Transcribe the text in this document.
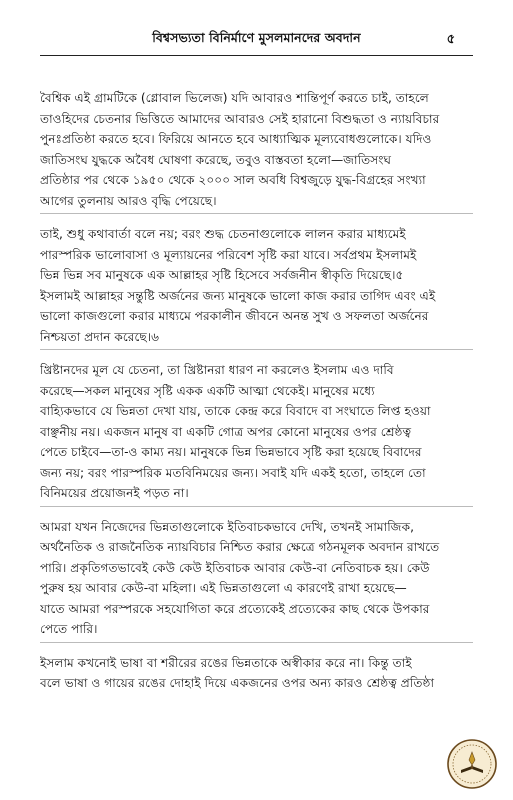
বিশ্বসভ্যতা বিনির্মাণে মুসলমানদের অবদান	৫

বৈশ্বিক এই গ্রামটিকে (গ্লোবাল ভিলেজ) যদি আবারও শান্তিপূর্ণ করতে চাই, তাহলে
তাওহিদের চেতনার ভিত্তিতে আমাদের আবারও সেই হারানো বিশুদ্ধতা ও ন্যায়বিচার
পুনঃপ্রতিষ্ঠা করতে হবে। ফিরিয়ে আনতে হবে আধ্যাত্মিক মূল্যবোধগুলোকে। যদিও
জাতিসংঘ যুদ্ধকে অবৈধ ঘোষণা করেছে, তবুও বাস্তবতা হলো—জাতিসংঘ
প্রতিষ্ঠার পর থেকে ১৯৫০ থেকে ২০০০ সাল অবধি বিশ্বজুড়ে যুদ্ধ-বিগ্রহের সংখ্যা
আগের তুলনায় আরও বৃদ্ধি পেয়েছে।

তাই, শুধু কথাবার্তা বলে নয়; বরং শুদ্ধ চেতনাগুলোকে লালন করার মাধ্যমেই
পারস্পরিক ভালোবাসা ও মূল্যায়নের পরিবেশ সৃষ্টি করা যাবে। সর্বপ্রথম ইসলামই
ভিন্ন ভিন্ন সব মানুষকে এক আল্লাহর সৃষ্টি হিসেবে সর্বজনীন স্বীকৃতি দিয়েছে।৫
ইসলামই আল্লাহর সন্তুষ্টি অর্জনের জন্য মানুষকে ভালো কাজ করার তাগিদ এবং এই
ভালো কাজগুলো করার মাধ্যমে পরকালীন জীবনে অনন্ত সুখ ও সফলতা অর্জনের
নিশ্চয়তা প্রদান করেছে।৬

খ্রিষ্টানদের মূল যে চেতনা, তা খ্রিষ্টানরা ধারণ না করলেও ইসলাম এও দাবি
করেছে—সকল মানুষের সৃষ্টি একক একটি আত্মা থেকেই। মানুষের মধ্যে
বাহ্যিকভাবে যে ভিন্নতা দেখা যায়, তাকে কেন্দ্র করে বিবাদে বা সংঘাতে লিপ্ত হওয়া
বাঞ্ছনীয় নয়। একজন মানুষ বা একটি গোত্র অপর কোনো মানুষের ওপর শ্রেষ্ঠত্ব
পেতে চাইবে—তা-ও কাম্য নয়। মানুষকে ভিন্ন ভিন্নভাবে সৃষ্টি করা হয়েছে বিবাদের
জন্য নয়; বরং পারস্পরিক মতবিনিময়ের জন্য। সবাই যদি একই হতো, তাহলে তো
বিনিময়ের প্রয়োজনই পড়ত না।

আমরা যখন নিজেদের ভিন্নতাগুলোকে ইতিবাচকভাবে দেখি, তখনই সামাজিক,
অর্থনৈতিক ও রাজনৈতিক ন্যায়বিচার নিশ্চিত করার ক্ষেত্রে গঠনমূলক অবদান রাখতে
পারি। প্রকৃতিগতভাবেই কেউ কেউ ইতিবাচক আবার কেউ-বা নেতিবাচক হয়। কেউ
পুরুষ হয় আবার কেউ-বা মহিলা। এই ভিন্নতাগুলো এ কারণেই রাখা হয়েছে—
যাতে আমরা পরস্পরকে সহযোগিতা করে প্রত্যেকেই প্রত্যেকের কাছ থেকে উপকার
পেতে পারি।

ইসলাম কখনোই ভাষা বা শরীরের রঙের ভিন্নতাকে অস্বীকার করে না। কিন্তু তাই
বলে ভাষা ও গায়ের রঙের দোহাই দিয়ে একজনের ওপর অন্য কারও শ্রেষ্ঠত্ব প্রতিষ্ঠা
